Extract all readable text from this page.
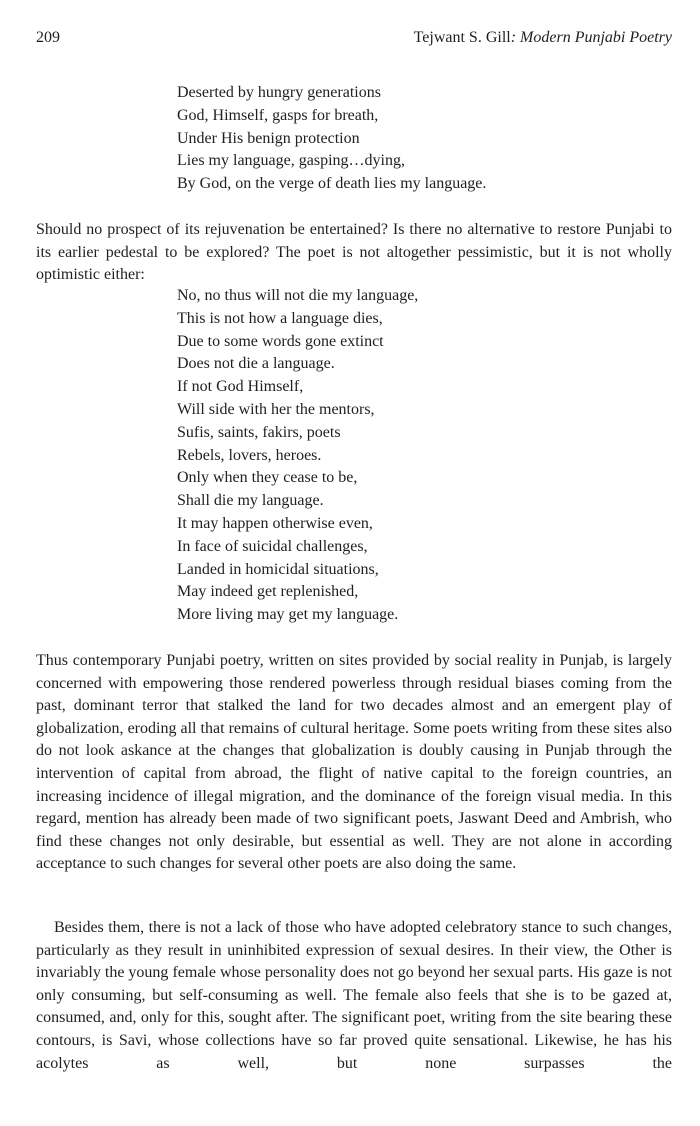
209	Tejwant S. Gill: Modern Punjabi Poetry
Deserted by hungry generations
God, Himself, gasps for breath,
Under His benign protection
Lies my language, gasping…dying,
By God, on the verge of death lies my language.

Should no prospect of its rejuvenation be entertained? Is there no alternative to restore Punjabi to its earlier pedestal to be explored? The poet is not altogether pessimistic, but it is not wholly optimistic either:

No, no thus will not die my language,
This is not how a language dies,
Due to some words gone extinct
Does not die a language.
If not God Himself,
Will side with her the mentors,
Sufis, saints, fakirs, poets
Rebels, lovers, heroes.
Only when they cease to be,
Shall die my language.
It may happen otherwise even,
In face of suicidal challenges,
Landed in homicidal situations,
May indeed get replenished,
More living may get my language.

Thus contemporary Punjabi poetry, written on sites provided by social reality in Punjab, is largely concerned with empowering those rendered powerless through residual biases coming from the past, dominant terror that stalked the land for two decades almost and an emergent play of globalization, eroding all that remains of cultural heritage. Some poets writing from these sites also do not look askance at the changes that globalization is doubly causing in Punjab through the intervention of capital from abroad, the flight of native capital to the foreign countries, an increasing incidence of illegal migration, and the dominance of the foreign visual media. In this regard, mention has already been made of two significant poets, Jaswant Deed and Ambrish, who find these changes not only desirable, but essential as well. They are not alone in according acceptance to such changes for several other poets are also doing the same.

Besides them, there is not a lack of those who have adopted celebratory stance to such changes, particularly as they result in uninhibited expression of sexual desires. In their view, the Other is invariably the young female whose personality does not go beyond her sexual parts. His gaze is not only consuming, but self-consuming as well. The female also feels that she is to be gazed at, consumed, and, only for this, sought after. The significant poet, writing from the site bearing these contours, is Savi, whose collections have so far proved quite sensational. Likewise, he has his acolytes as well, but none surpasses the
